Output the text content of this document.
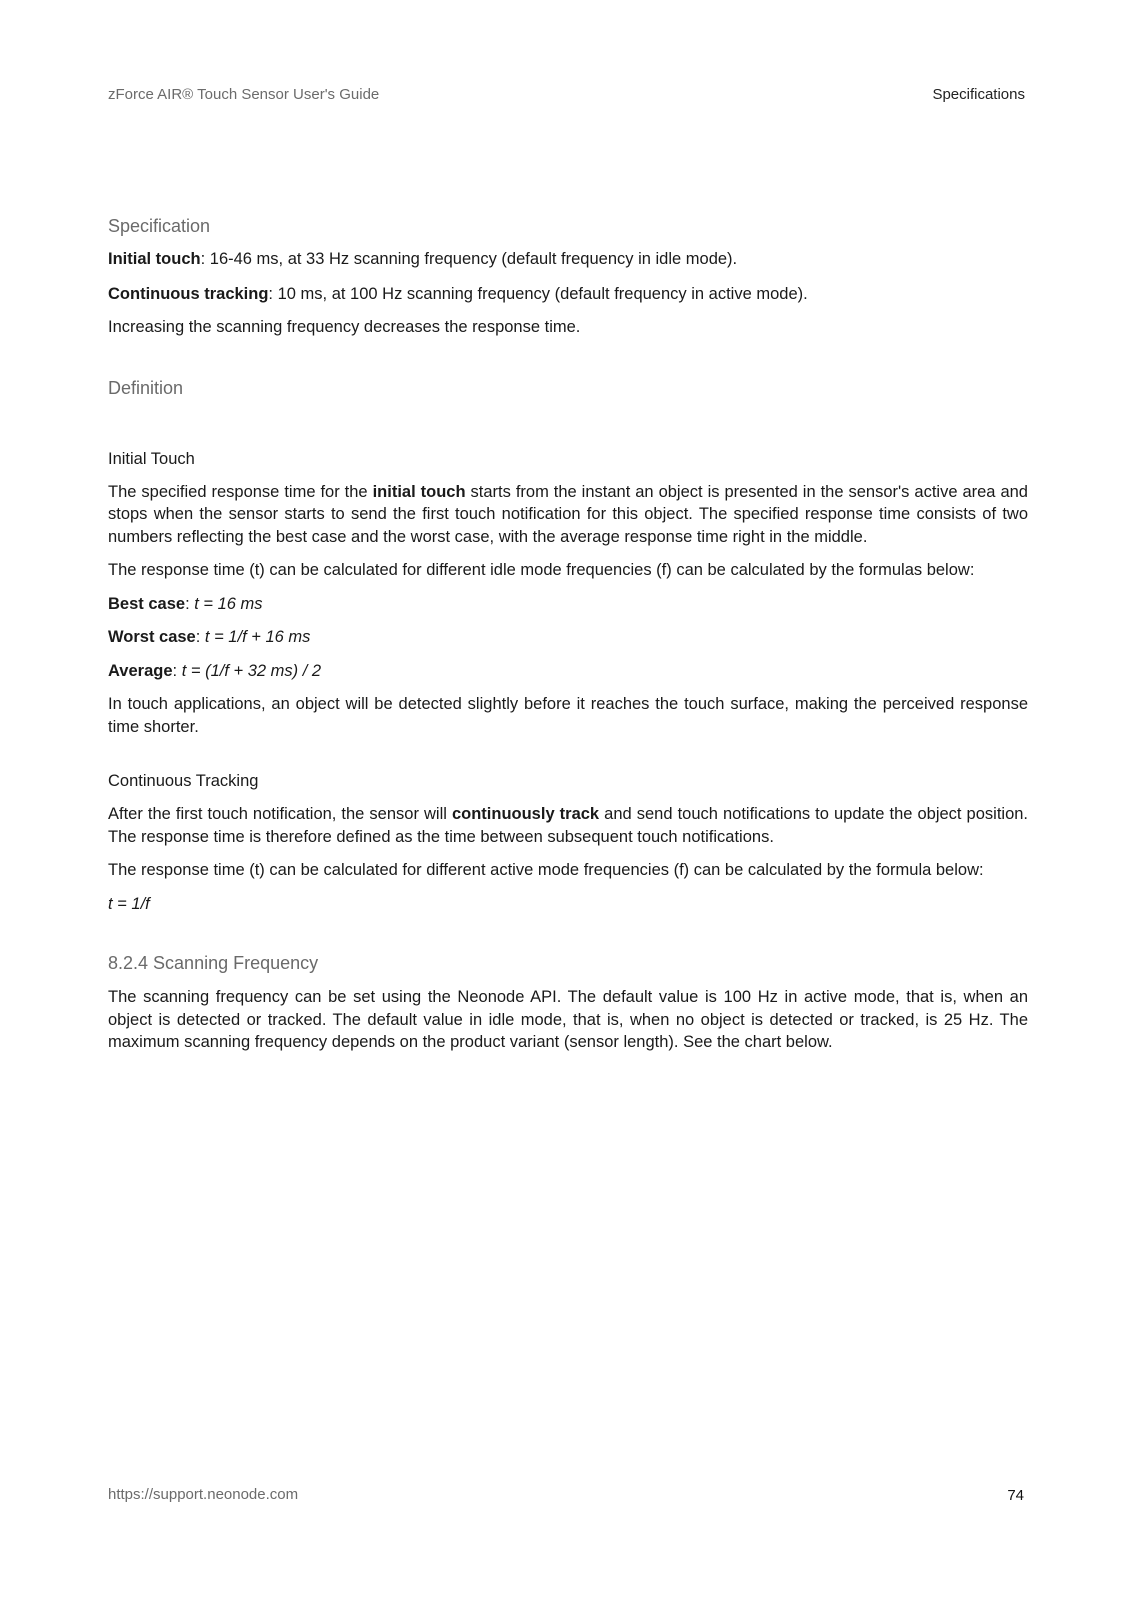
zForce AIR® Touch Sensor User's Guide	Specifications
Specification

Initial touch: 16-46 ms, at 33 Hz scanning frequency (default frequency in idle mode).

Continuous tracking: 10 ms, at 100 Hz scanning frequency (default frequency in active mode).

Increasing the scanning frequency decreases the response time.

Definition
Initial Touch

The specified response time for the initial touch starts from the instant an object is presented in the sensor's active area and stops when the sensor starts to send the first touch notification for this object. The specified response time consists of two numbers reflecting the best case and the worst case, with the average response time right in the middle.

The response time (t) can be calculated for different idle mode frequencies (f) can be calculated by the formulas below:

Best case: t = 16 ms

Worst case: t = 1/f + 16 ms

Average: t = (1/f + 32 ms) / 2

In touch applications, an object will be detected slightly before it reaches the touch surface, making the perceived response time shorter.

Continuous Tracking

After the first touch notification, the sensor will continuously track and send touch notifications to update the object position. The response time is therefore defined as the time between subsequent touch notifications.

The response time (t) can be calculated for different active mode frequencies (f) can be calculated by the formula below:

t = 1/f

8.2.4 Scanning Frequency

The scanning frequency can be set using the Neonode API. The default value is 100 Hz in active mode, that is, when an object is detected or tracked. The default value in idle mode, that is, when no object is detected or tracked, is 25 Hz. The maximum scanning frequency depends on the product variant (sensor length). See the chart below.

https://support.neonode.com	74
